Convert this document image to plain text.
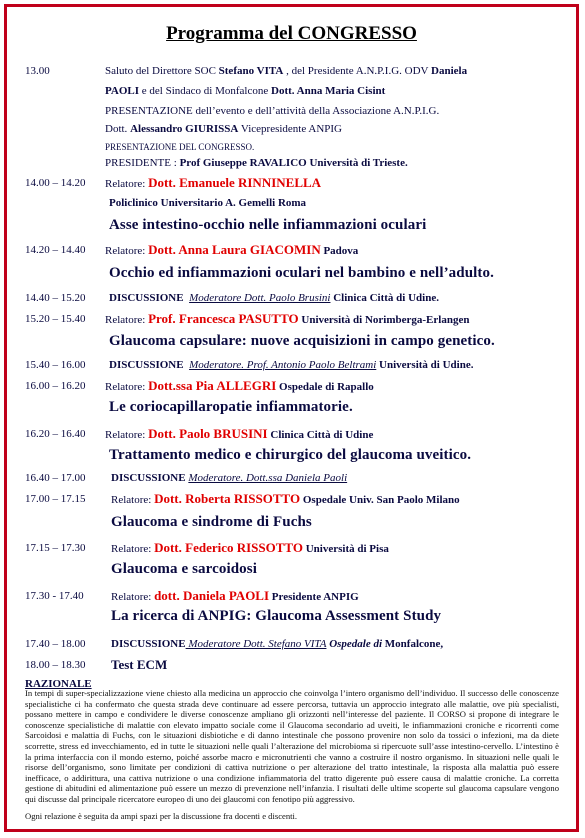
Programma del CONGRESSO
13.00	Saluto del Direttore SOC Stefano VITA , del Presidente A.N.P.I.G. ODV Daniela
PAOLI e del Sindaco di Monfalcone Dott. Anna Maria Cisint
PRESENTAZIONE dell’evento e dell’attività della Associazione A.N.P.I.G.
Dott. Alessandro GIURISSA Vicepresidente ANPIG
PRESENTAZIONE DEL CONGRESSO.
PRESIDENTE : Prof Giuseppe RAVALICO Università di Trieste.
14.00 – 14.20 Relatore: Dott. Emanuele RINNINELLA
Policlinico Universitario A. Gemelli Roma
Asse intestino-occhio nelle infiammazioni oculari
14.20 – 14.40 Relatore: Dott. Anna Laura GIACOMIN Padova
Occhio ed infiammazioni oculari nel bambino e nell’adulto.
14.40 – 15.20 DISCUSSIONE Moderatore Dott. Paolo Brusini Clinica Città di Udine.
15.20 – 15.40 Relatore: Prof. Francesca PASUTTO Università di Norimberga-Erlangen
Glaucoma capsulare: nuove acquisizioni in campo genetico.
15.40 – 16.00 DISCUSSIONE Moderatore. Prof. Antonio Paolo Beltrami Università di Udine.
16.00 – 16.20 Relatore: Dott.ssa Pia ALLEGRI Ospedale di Rapallo
Le coriocapillaropatie infiammatorie.
16.20 – 16.40 Relatore: Dott. Paolo BRUSINI Clinica Città di Udine
Trattamento medico e chirurgico del glaucoma uveitico.
16.40 – 17.00 DISCUSSIONE Moderatore. Dott.ssa Daniela Paoli
17.00 – 17.15 Relatore: Dott. Roberta RISSOTTO Ospedale Univ. San Paolo Milano
Glaucoma e sindrome di Fuchs
17.15 – 17.30 Relatore: Dott. Federico RISSOTTO Università di Pisa
Glaucoma e sarcoidosi
17.30 - 17.40 Relatore: dott. Daniela PAOLI Presidente ANPIG
La ricerca di ANPIG: Glaucoma Assessment Study
17.40 – 18.00 DISCUSSIONE Moderatore Dott. Stefano VITA Ospedale di Monfalcone,
18.00 – 18.30 Test ECM
RAZIONALE
In tempi di super-specializzazione viene chiesto alla medicina un approccio che coinvolga l’intero organismo dell’individuo. Il successo delle conoscenze specialistiche ci ha confermato che questa strada deve continuare ad essere percorsa, tuttavia un approccio integrato alle malattie, ove più specialisti, possano mettere in campo e condividere le diverse conoscenze ampliano gli orizzonti nell’interesse del paziente. Il CORSO si propone di integrare le conoscenze specialistiche di malattie con elevato impatto sociale come il Glaucoma secondario ad uveiti, le infiammazioni croniche e ricorrenti come Sarcoidosi e malattia di Fuchs, con le situazioni disbiotiche e di danno intestinale che possono provenire non solo da tossici o infezioni, ma da diete scorrette, stress ed invecchiamento, ed in tutte le situazioni nelle quali l’alterazione del microbioma si ripercuote sull’asse intestino-cervello. L’intestino è la prima interfaccia con il mondo esterno, poiché assorbe macro e micronutrienti che vanno a costruire il nostro organismo. In situazioni nelle quali le risorse dell’organismo, sono limitate per condizioni di cattiva nutrizione o per alterazione del tratto intestinale, la risposta alla malattia può essere inefficace, o addirittura, una cattiva nutrizione o una condizione infiammatoria del tratto digerente può essere causa di malattie croniche. La corretta gestione di abitudini ed alimentazione può essere un mezzo di prevenzione nell’infanzia. I risultati delle ultime scoperte sul glaucoma capsulare vengono qui discusse dal principale ricercatore europeo di uno dei glaucomi con fenotipo più aggressivo.
Ogni relazione è seguita da ampi spazi per la discussione fra docenti e discenti.
